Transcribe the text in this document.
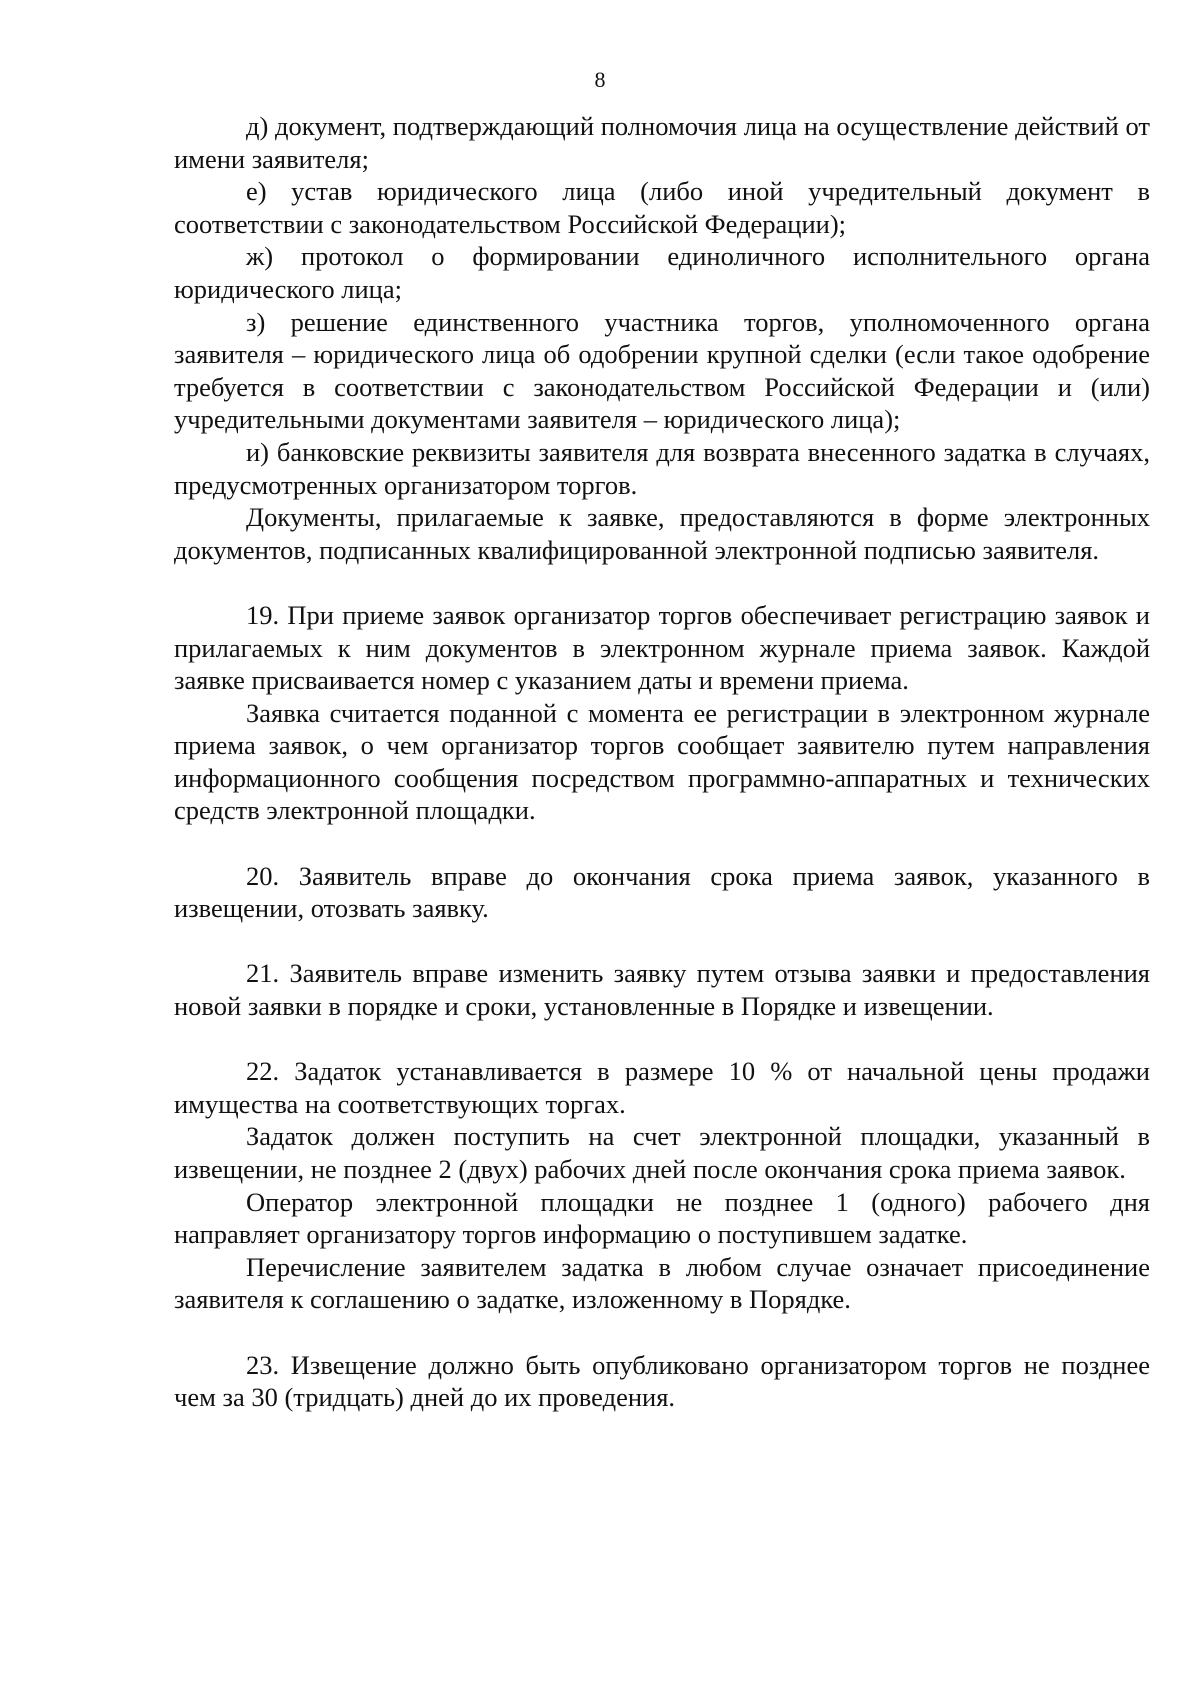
8

д) документ, подтверждающий полномочия лица на осуществление действий от имени заявителя;

е) устав юридического лица (либо иной учредительный документ в соответствии с законодательством Российской Федерации);

ж) протокол о формировании единоличного исполнительного органа юридического лица;

з) решение единственного участника торгов, уполномоченного органа заявителя – юридического лица об одобрении крупной сделки (если такое одобрение требуется в соответствии с законодательством Российской Федерации и (или) учредительными документами заявителя – юридического лица);

и) банковские реквизиты заявителя для возврата внесенного задатка в случаях, предусмотренных организатором торгов.

Документы, прилагаемые к заявке, предоставляются в форме электронных документов, подписанных квалифицированной электронной подписью заявителя.

19. При приеме заявок организатор торгов обеспечивает регистрацию заявок и прилагаемых к ним документов в электронном журнале приема заявок. Каждой заявке присваивается номер с указанием даты и времени приема.

Заявка считается поданной с момента ее регистрации в электронном журнале приема заявок, о чем организатор торгов сообщает заявителю путем направления информационного сообщения посредством программно-аппаратных и технических средств электронной площадки.

20. Заявитель вправе до окончания срока приема заявок, указанного в извещении, отозвать заявку.

21. Заявитель вправе изменить заявку путем отзыва заявки и предоставления новой заявки в порядке и сроки, установленные в Порядке и извещении.

22. Задаток устанавливается в размере 10 % от начальной цены продажи имущества на соответствующих торгах.

Задаток должен поступить на счет электронной площадки, указанный в извещении, не позднее 2 (двух) рабочих дней после окончания срока приема заявок.

Оператор электронной площадки не позднее 1 (одного) рабочего дня направляет организатору торгов информацию о поступившем задатке.

Перечисление заявителем задатка в любом случае означает присоединение заявителя к соглашению о задатке, изложенному в Порядке.

23. Извещение должно быть опубликовано организатором торгов не позднее чем за 30 (тридцать) дней до их проведения.
